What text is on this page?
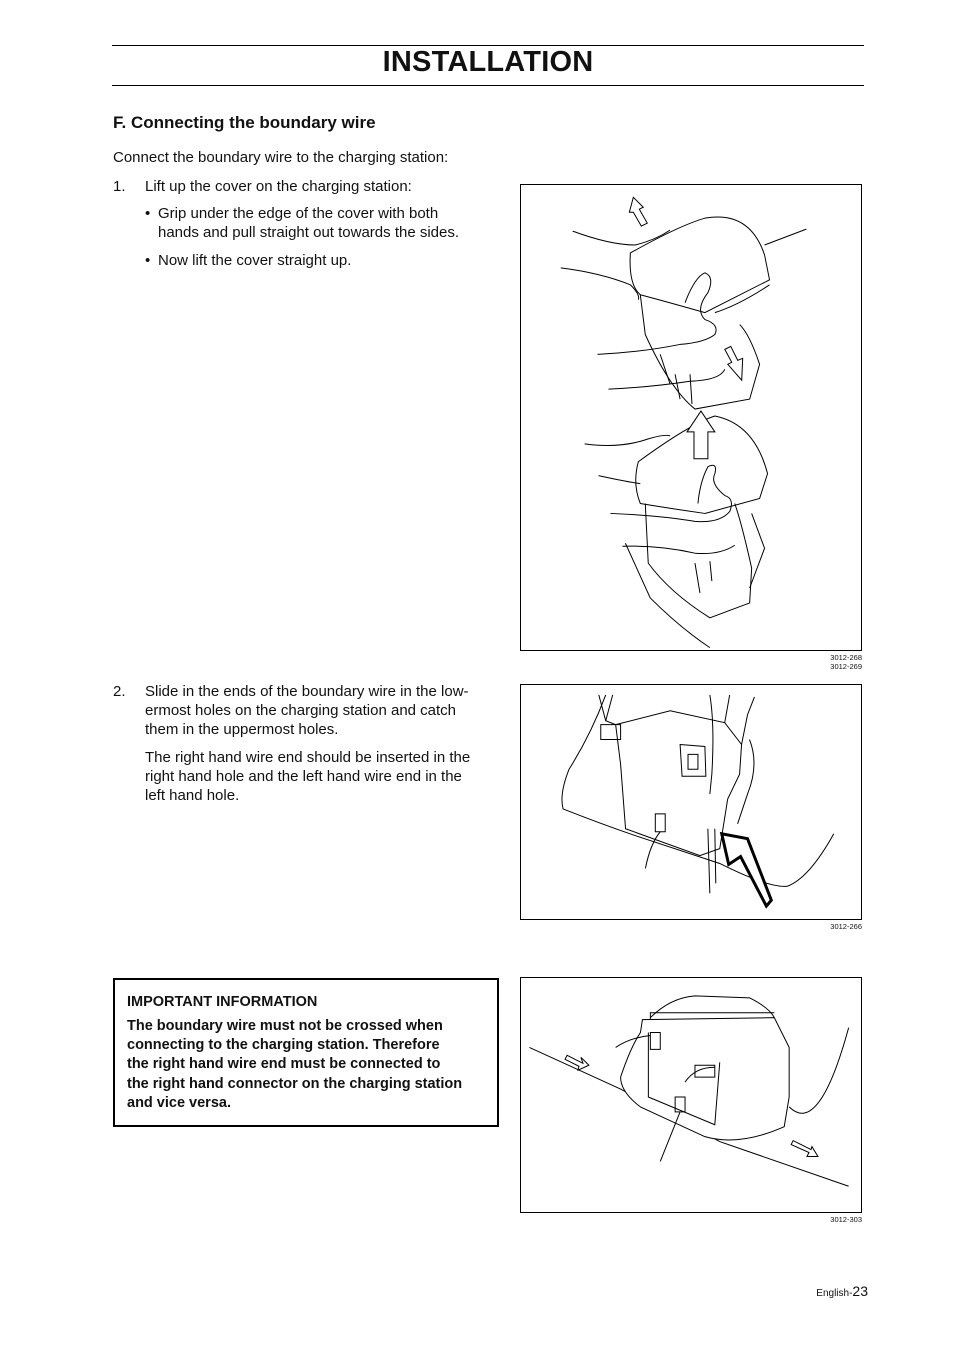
INSTALLATION
F. Connecting the boundary wire
Connect the boundary wire to the charging station:
1. Lift up the cover on the charging station:
• Grip under the edge of the cover with both
hands and pull straight out towards the sides.
• Now lift the cover straight up.
3012-268
3012-269
2. Slide in the ends of the boundary wire in the low-
ermost holes on the charging station and catch
them in the uppermost holes.
The right hand wire end should be inserted in the
right hand hole and the left hand wire end in the
left hand hole.
3012-266
IMPORTANT INFORMATION
The boundary wire must not be crossed when
connecting to the charging station. Therefore
the right hand wire end must be connected to
the right hand connector on the charging station
and vice versa.
3012-303
English-23
